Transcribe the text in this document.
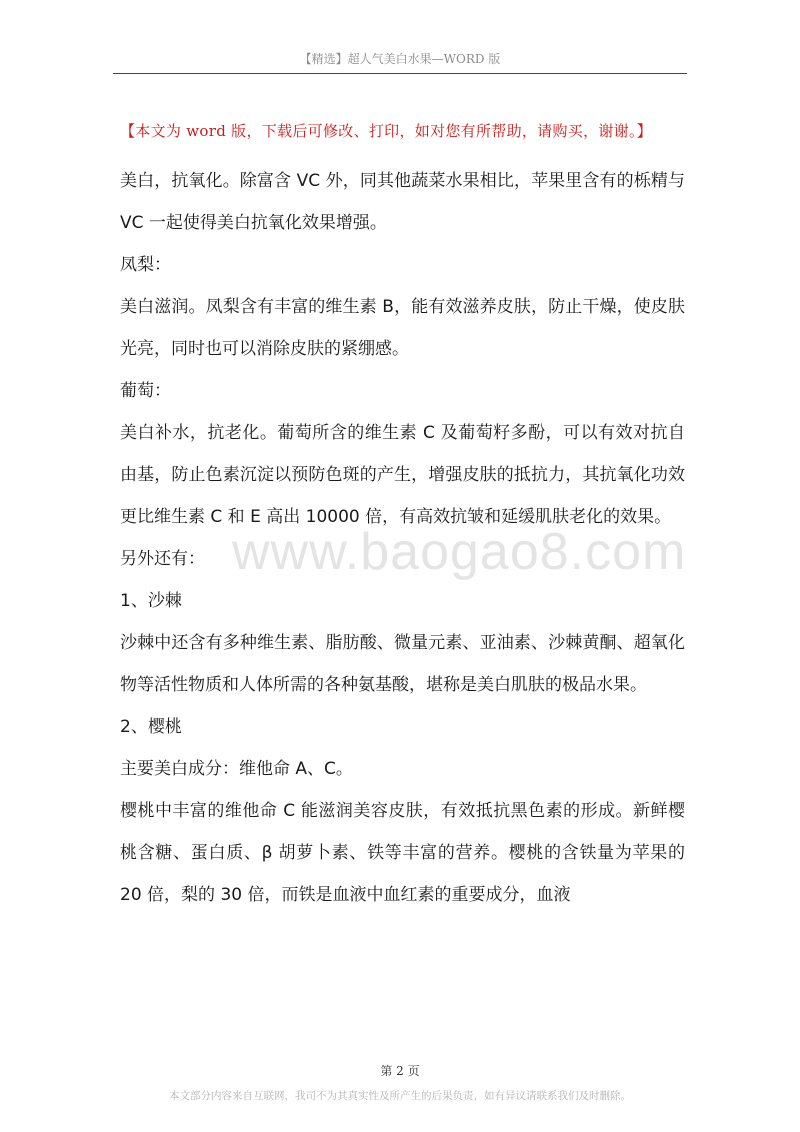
【精选】超人气美白水果—WORD 版
【本文为 word 版，下载后可修改、打印，如对您有所帮助，请购买，谢谢。】

美白，抗氧化。除富含 VC 外，同其他蔬菜水果相比，苹果里含有的栎精与 VC 一起使得美白抗氧化效果增强。

凤梨：

美白滋润。凤梨含有丰富的维生素 B，能有效滋养皮肤，防止干燥，使皮肤光亮，同时也可以消除皮肤的紧绷感。

葡萄：

美白补水，抗老化。葡萄所含的维生素 C 及葡萄籽多酚，可以有效对抗自由基，防止色素沉淀以预防色斑的产生，增强皮肤的抵抗力，其抗氧化功效更比维生素 C 和 E 高出 10000 倍，有高效抗皱和延缓肌肤老化的效果。

另外还有：

1、沙棘

沙棘中还含有多种维生素、脂肪酸、微量元素、亚油素、沙棘黄酮、超氧化物等活性物质和人体所需的各种氨基酸，堪称是美白肌肤的极品水果。

2、樱桃

主要美白成分：维他命 A、C。

樱桃中丰富的维他命 C 能滋润美容皮肤，有效抵抗黑色素的形成。新鲜樱桃含糖、蛋白质、β 胡萝卜素、铁等丰富的营养。樱桃的含铁量为苹果的 20 倍，梨的 30 倍，而铁是血液中血红素的重要成分，血液

www.baogao8.com
第 2 页
本文部分内容来自互联网，我司不为其真实性及所产生的后果负责，如有异议请联系我们及时删除。
